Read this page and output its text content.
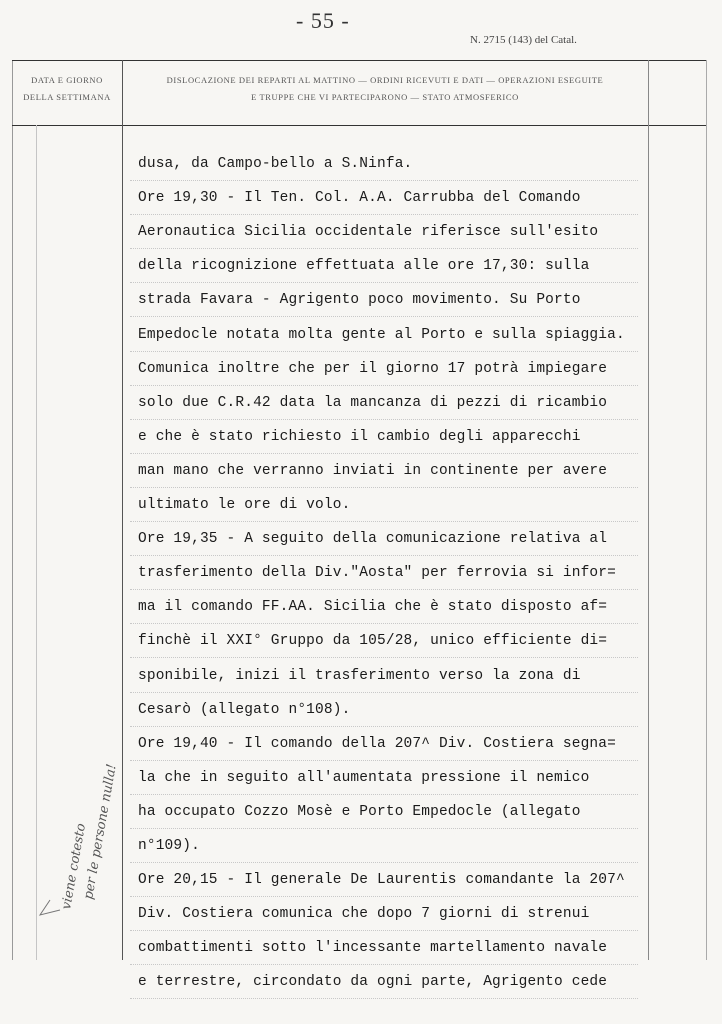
- 55 -
N. 2715 (143) del Catal.
DATA E GIORNO
DELLA SETTIMANA
DISLOCAZIONE DEI REPARTI AL MATTINO — ORDINI RICEVUTI E DATI — OPERAZIONI ESEGUITE
E TRUPPE CHE VI PARTECIPARONO — STATO ATMOSFERICO
dusa, da Campo-bello a S.Ninfa.
Ore 19,30 - Il Ten. Col. A.A. Carrubba del Comando
Aeronautica Sicilia occidentale riferisce sull'esito
della ricognizione effettuata alle ore 17,30: sulla
strada Favara - Agrigento poco movimento. Su Porto
Empedocle notata molta gente al Porto e sulla spiaggia.
Comunica inoltre che per il giorno 17 potrà impiegare
solo due C.R.42 data la mancanza di pezzi di ricambio
e che è stato richiesto il cambio degli apparecchi
man mano che verranno inviati in continente per avere
ultimato le ore di volo.
Ore 19,35 - A seguito della comunicazione relativa al
trasferimento della Div."Aosta" per ferrovia si infor=
ma il comando FF.AA. Sicilia che è stato disposto af=
finchè il XXI° Gruppo da 105/28, unico efficiente di=
sponibile, inizi il trasferimento verso la zona di
Cesarò (allegato n°108).
Ore 19,40 - Il comando della 207^ Div. Costiera segna=
la che in seguito all'aumentata pressione il nemico
ha occupato Cozzo Mosè e Porto Empedocle (allegato
n°109).
Ore 20,15 - Il generale De Laurentis comandante la 207^
Div. Costiera comunica che dopo 7 giorni di strenui
combattimenti sotto l'incessante martellamento navale
e terrestre, circondato da ogni parte, Agrigento cede
viene cotesto
per le persone nulla!
